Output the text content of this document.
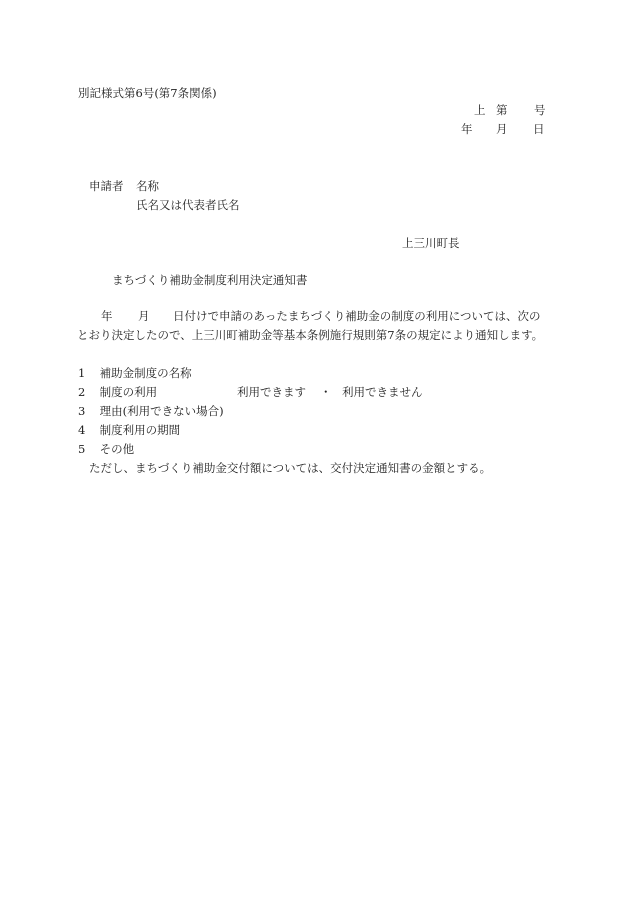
別記様式第6号(第7条関係)
上 第 号
年 月 日
申請者 名称
氏名又は代表者氏名
上三川町長
まちづくり補助金制度利用決定通知書
年 月 日付けで申請のあったまちづくり補助金の制度の利用については、次の
とおり決定したので、上三川町補助金等基本条例施行規則第7条の規定により通知します。
1 補助金制度の名称
2 制度の利用	利用できます ・ 利用できません
3 理由(利用できない場合)
4 制度利用の期間
5 その他
ただし、まちづくり補助金交付額については、交付決定通知書の金額とする。
